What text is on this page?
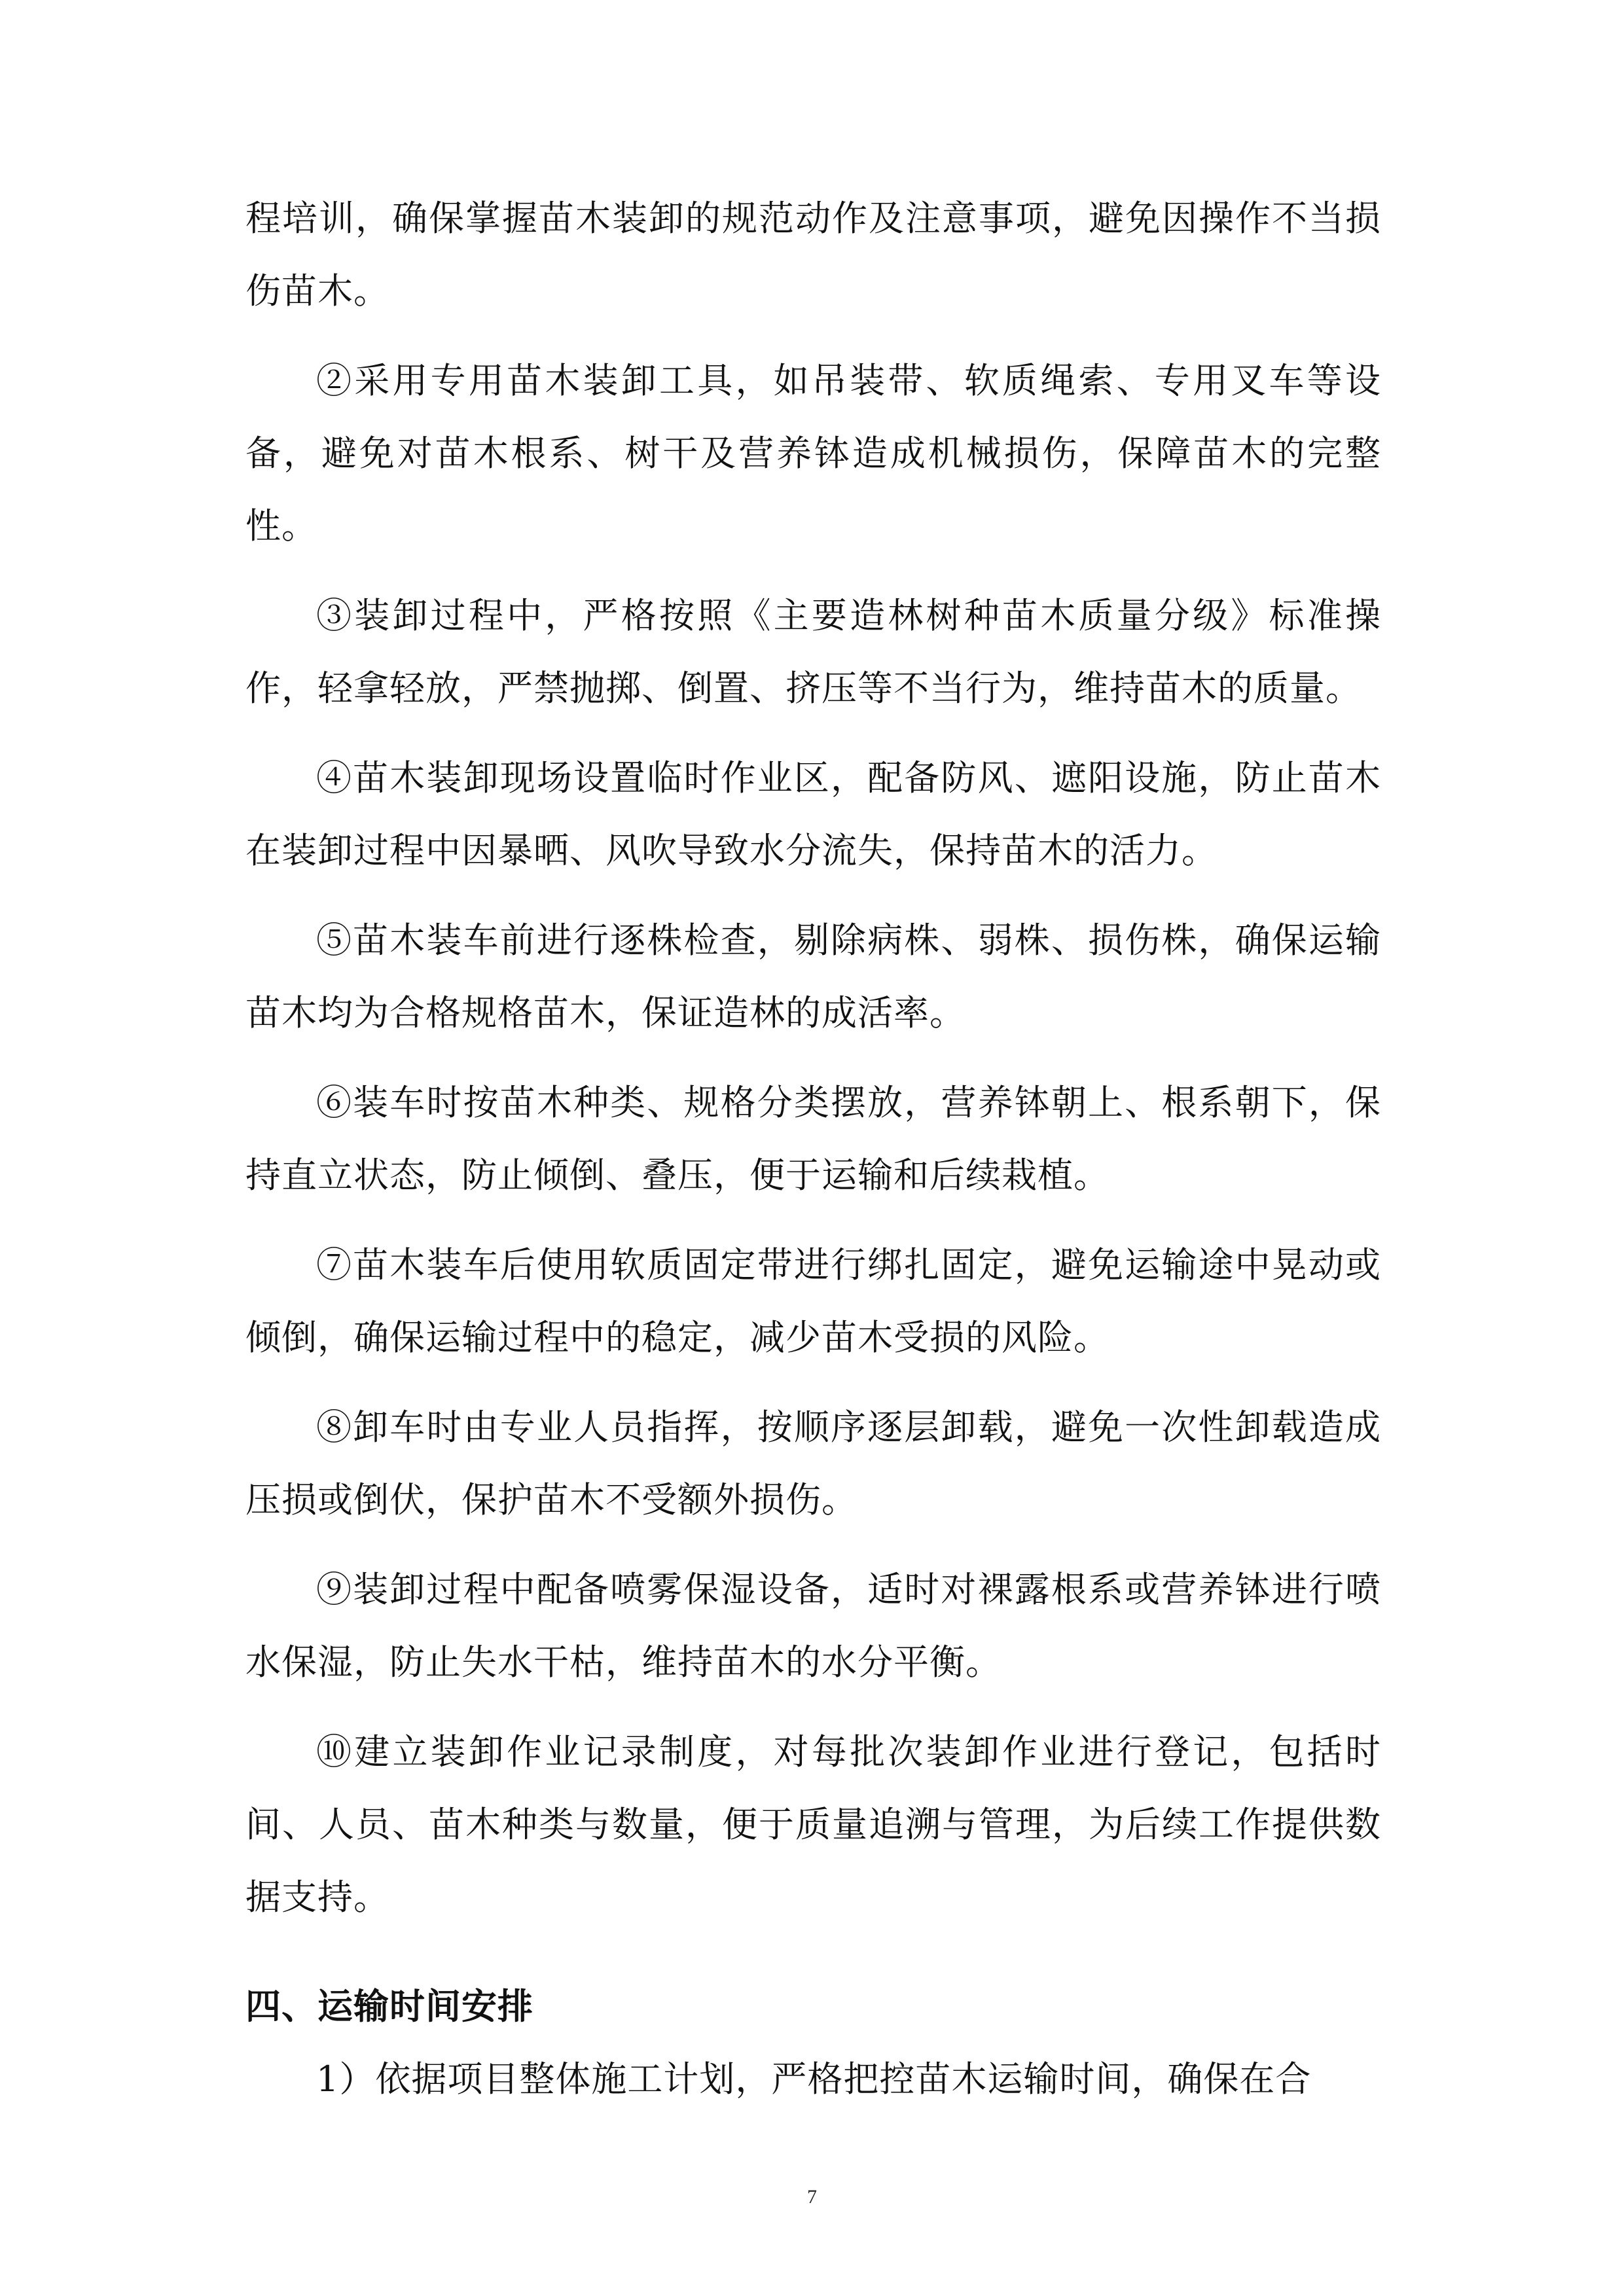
程培训，确保掌握苗木装卸的规范动作及注意事项，避免因操作不当损伤苗木。

②采用专用苗木装卸工具，如吊装带、软质绳索、专用叉车等设备，避免对苗木根系、树干及营养钵造成机械损伤，保障苗木的完整性。

③装卸过程中，严格按照《主要造林树种苗木质量分级》标准操作，轻拿轻放，严禁抛掷、倒置、挤压等不当行为，维持苗木的质量。

④苗木装卸现场设置临时作业区，配备防风、遮阳设施，防止苗木在装卸过程中因暴晒、风吹导致水分流失，保持苗木的活力。

⑤苗木装车前进行逐株检查，剔除病株、弱株、损伤株，确保运输苗木均为合格规格苗木，保证造林的成活率。

⑥装车时按苗木种类、规格分类摆放，营养钵朝上、根系朝下，保持直立状态，防止倾倒、叠压，便于运输和后续栽植。

⑦苗木装车后使用软质固定带进行绑扎固定，避免运输途中晃动或倾倒，确保运输过程中的稳定，减少苗木受损的风险。

⑧卸车时由专业人员指挥，按顺序逐层卸载，避免一次性卸载造成压损或倒伏，保护苗木不受额外损伤。

⑨装卸过程中配备喷雾保湿设备，适时对裸露根系或营养钵进行喷水保湿，防止失水干枯，维持苗木的水分平衡。

⑩建立装卸作业记录制度，对每批次装卸作业进行登记，包括时间、人员、苗木种类与数量，便于质量追溯与管理，为后续工作提供数据支持。

四、运输时间安排

1）依据项目整体施工计划，严格把控苗木运输时间，确保在合

7
